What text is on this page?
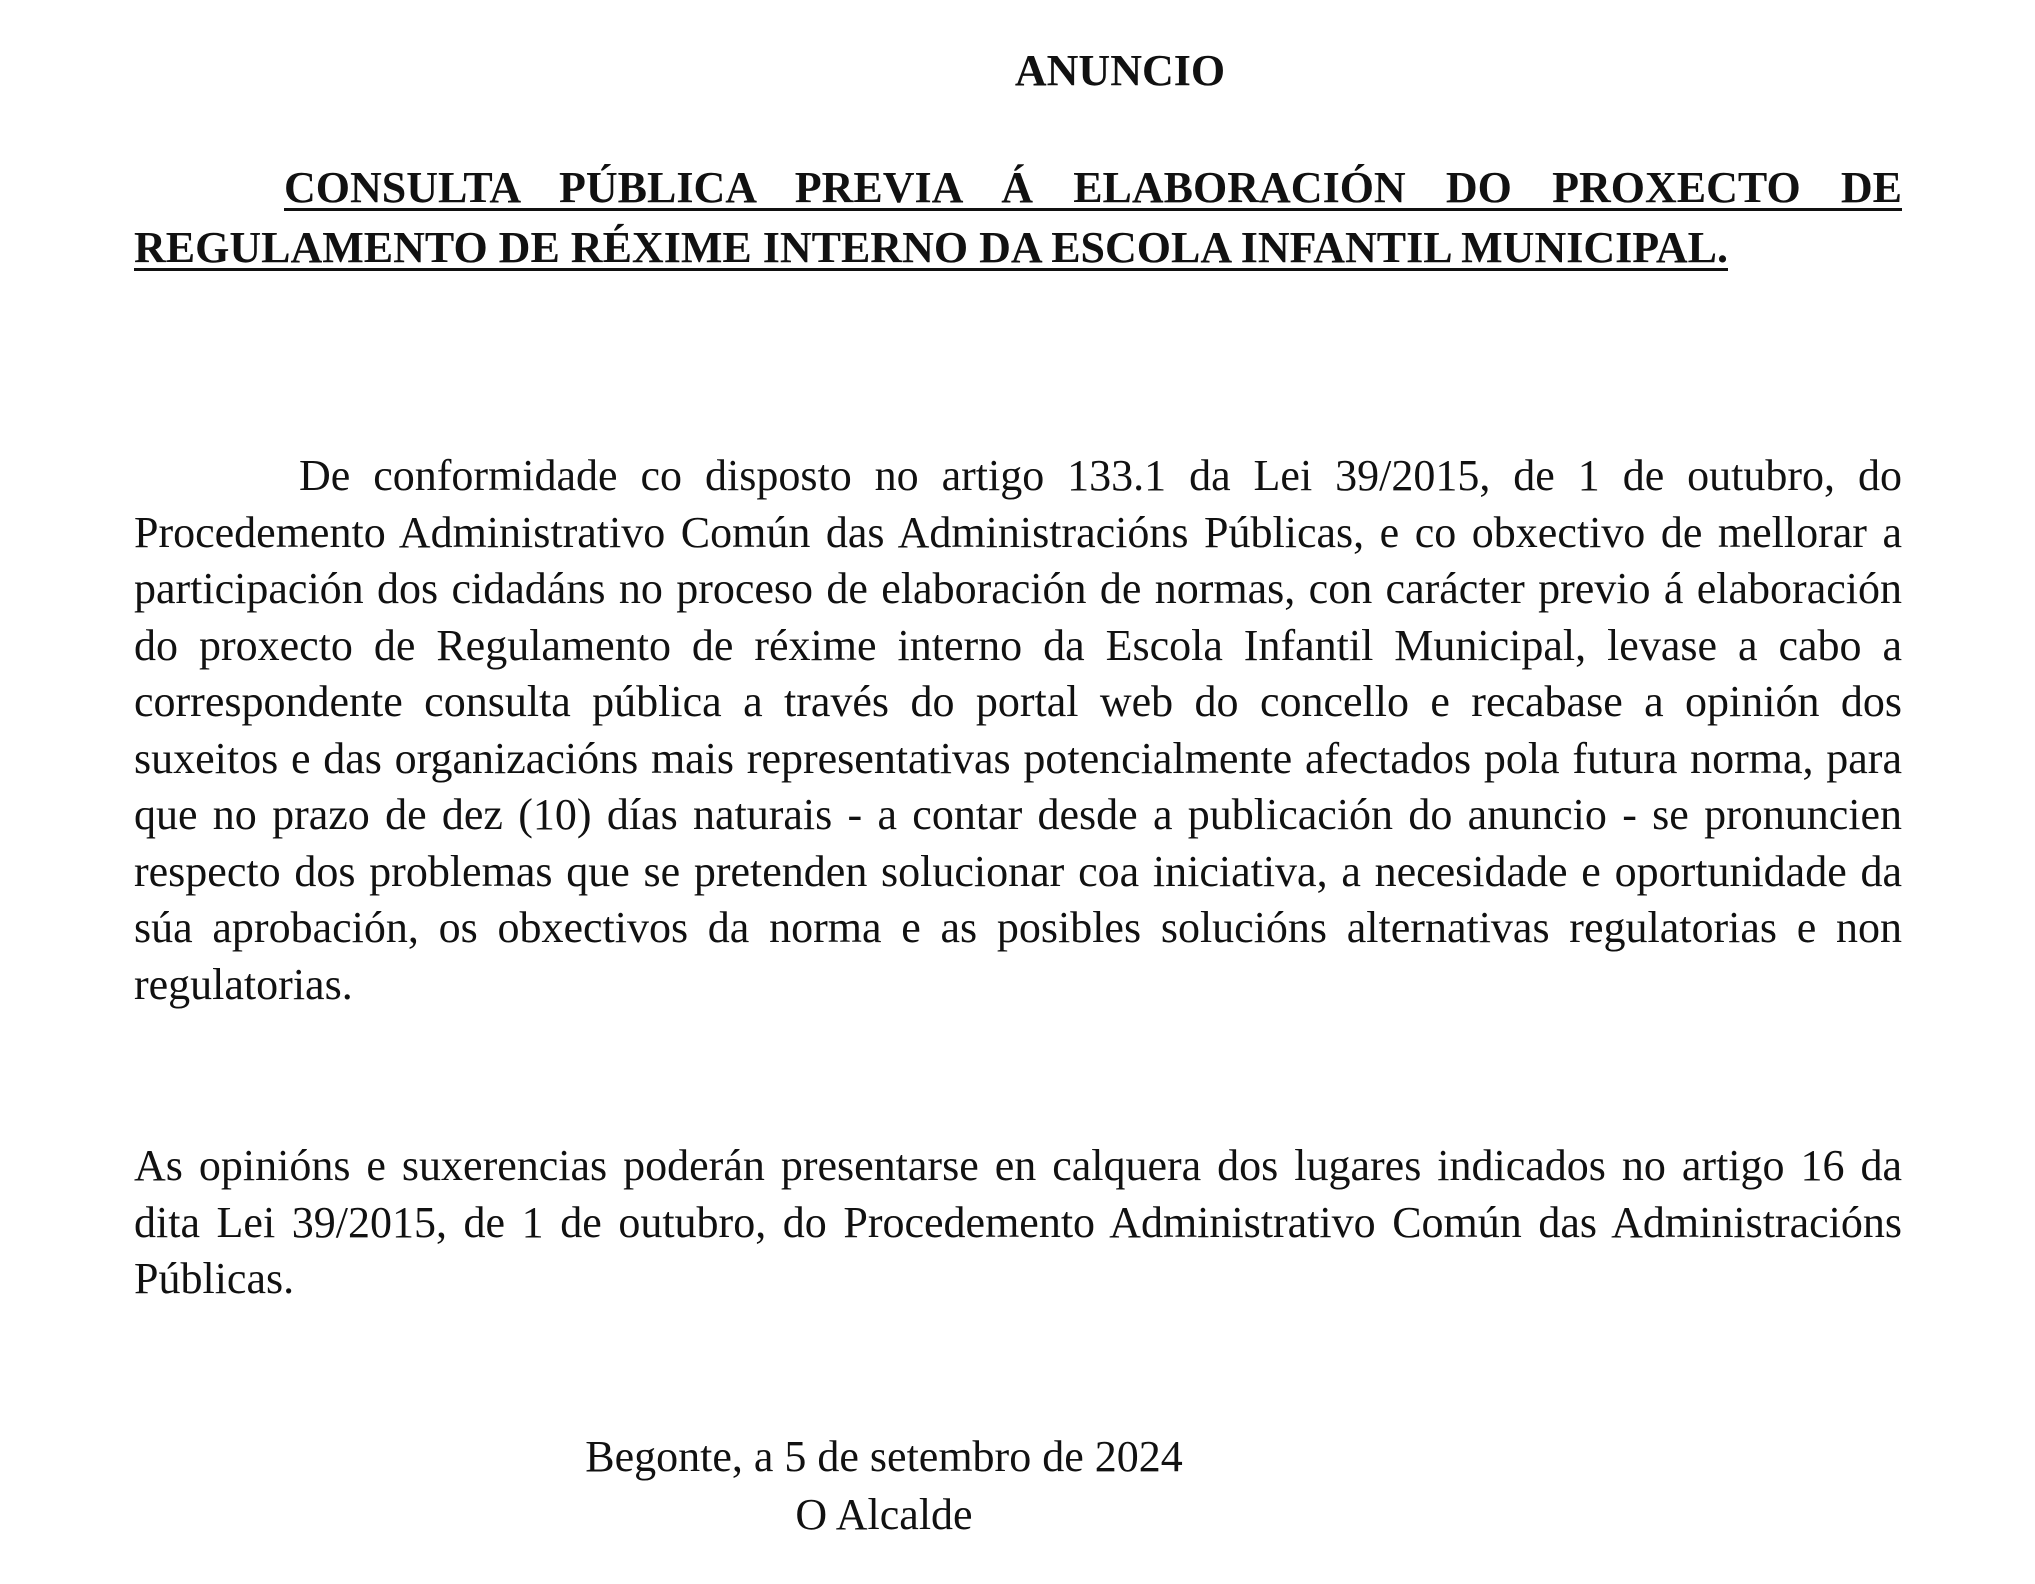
ANUNCIO
CONSULTA PÚBLICA PREVIA Á ELABORACIÓN DO PROXECTO DE REGULAMENTO DE RÉXIME INTERNO DA ESCOLA INFANTIL MUNICIPAL.

De conformidade co disposto no artigo 133.1 da Lei 39/2015, de 1 de outubro, do Procedemento Administrativo Común das Administracións Públicas, e co obxectivo de mellorar a participación dos cidadáns no proceso de elaboración de normas, con carácter previo á elaboración do proxecto de Regulamento de réxime interno da Escola Infantil Municipal, levase a cabo a correspondente consulta pública a través do portal web do concello e recabase a opinión dos suxeitos e das organizacións mais representativas potencialmente afectados pola futura norma, para que no prazo de dez (10) días naturais - a contar desde a publicación do anuncio - se pronuncien respecto dos problemas que se pretenden solucionar coa iniciativa, a necesidade e oportunidade da súa aprobación, os obxectivos da norma e as posibles solucións alternativas regulatorias e non regulatorias.

As opinións e suxerencias poderán presentarse en calquera dos lugares indicados no artigo 16 da dita Lei 39/2015, de 1 de outubro, do Procedemento Administrativo Común das Administracións Públicas.

Begonte, a 5 de setembro de 2024
O Alcalde
